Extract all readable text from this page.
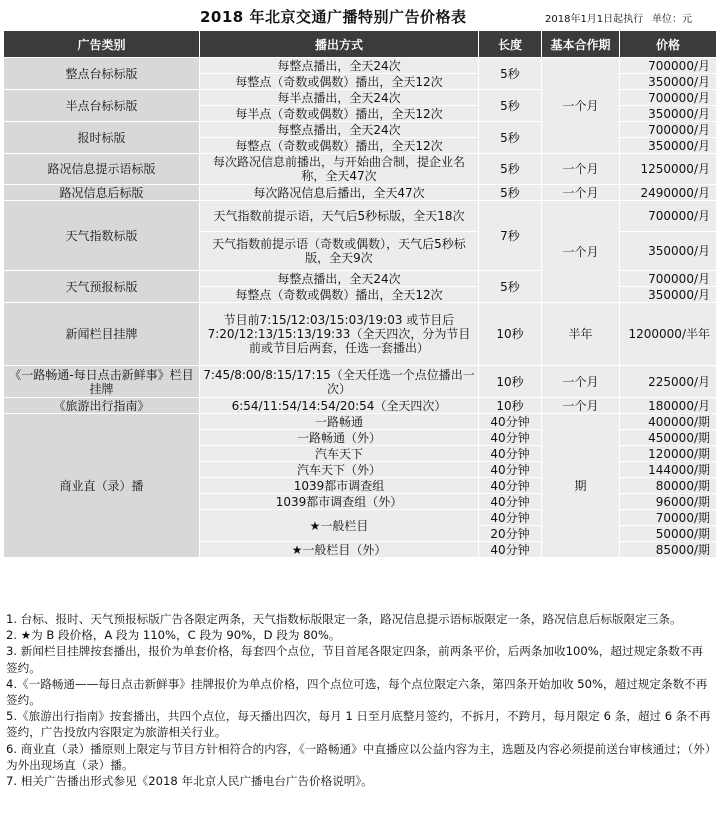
2018 年北京交通广播特别广告价格表	2018年1月1日起执行 单位：元
广告类别	播出方式	长度	基本合作期	价格
整点台标标版	每整点播出，全天24次	5秒	一个月	700000/月
	每整点（奇数或偶数）播出，全天12次			350000/月
半点台标标版	每半点播出，全天24次	5秒		700000/月
	每半点（奇数或偶数）播出，全天12次			350000/月
报时标版	每整点播出，全天24次	5秒		700000/月
	每整点（奇数或偶数）播出，全天12次			350000/月
路况信息提示语标版	每次路况信息前播出，与开始曲合制，提企业名称，全天47次	5秒	一个月	1250000/月
路况信息后标版	每次路况信息后播出，全天47次	5秒	一个月	2490000/月
天气指数标版	天气指数前提示语，天气后5秒标版，全天18次	7秒	一个月	700000/月
	天气指数前提示语（奇数或偶数），天气后5秒标版，全天9次			350000/月
天气预报标版	每整点播出，全天24次	5秒		700000/月
	每整点（奇数或偶数）播出，全天12次			350000/月
新闻栏目挂牌	节目前7:15/12:03/15:03/19:03 或节目后7:20/12:13/15:13/19:33（全天四次，分为节目前或节目后两套，任选一套播出）	10秒	半年	1200000/半年
《一路畅通-每日点击新鲜事》栏目挂牌	7:45/8:00/8:15/17:15（全天任选一个点位播出一次）	10秒	一个月	225000/月
《旅游出行指南》	6:54/11:54/14:54/20:54（全天四次）	10秒	一个月	180000/月
商业直（录）播	一路畅通	40分钟	期	400000/期
	一路畅通（外）	40分钟		450000/期
	汽车天下	40分钟		120000/期
	汽车天下（外）	40分钟		144000/期
	1039都市调查组	40分钟		80000/期
	1039都市调查组（外）	40分钟		96000/期
	★一般栏目	40分钟		70000/期
		20分钟		50000/期
	★一般栏目（外）	40分钟		85000/期

1. 台标、报时、天气预报标版广告各限定两条，天气指数标版限定一条，路况信息提示语标版限定一条，路况信息后标版限定三条。

2. ★为 B 段价格，A 段为 110%，C 段为 90%，D 段为 80%。

3. 新闻栏目挂牌按套播出，报价为单套价格，每套四个点位，节目首尾各限定四条，前两条平价，后两条加收100%，超过规定条数不再签约。

4.《一路畅通——每日点击新鲜事》挂牌报价为单点价格，四个点位可选，每个点位限定六条，第四条开始加收 50%，超过规定条数不再签约。

5.《旅游出行指南》按套播出，共四个点位，每天播出四次，每月 1 日至月底整月签约，不拆月，不跨月，每月限定 6 条，超过 6 条不再签约，广告投放内容限定为旅游相关行业。

6. 商业直（录）播原则上限定与节目方针相符合的内容，《一路畅通》中直播应以公益内容为主，选题及内容必须提前送台审核通过；（外）为外出现场直（录）播。

7. 相关广告播出形式参见《2018 年北京人民广播电台广告价格说明》。
